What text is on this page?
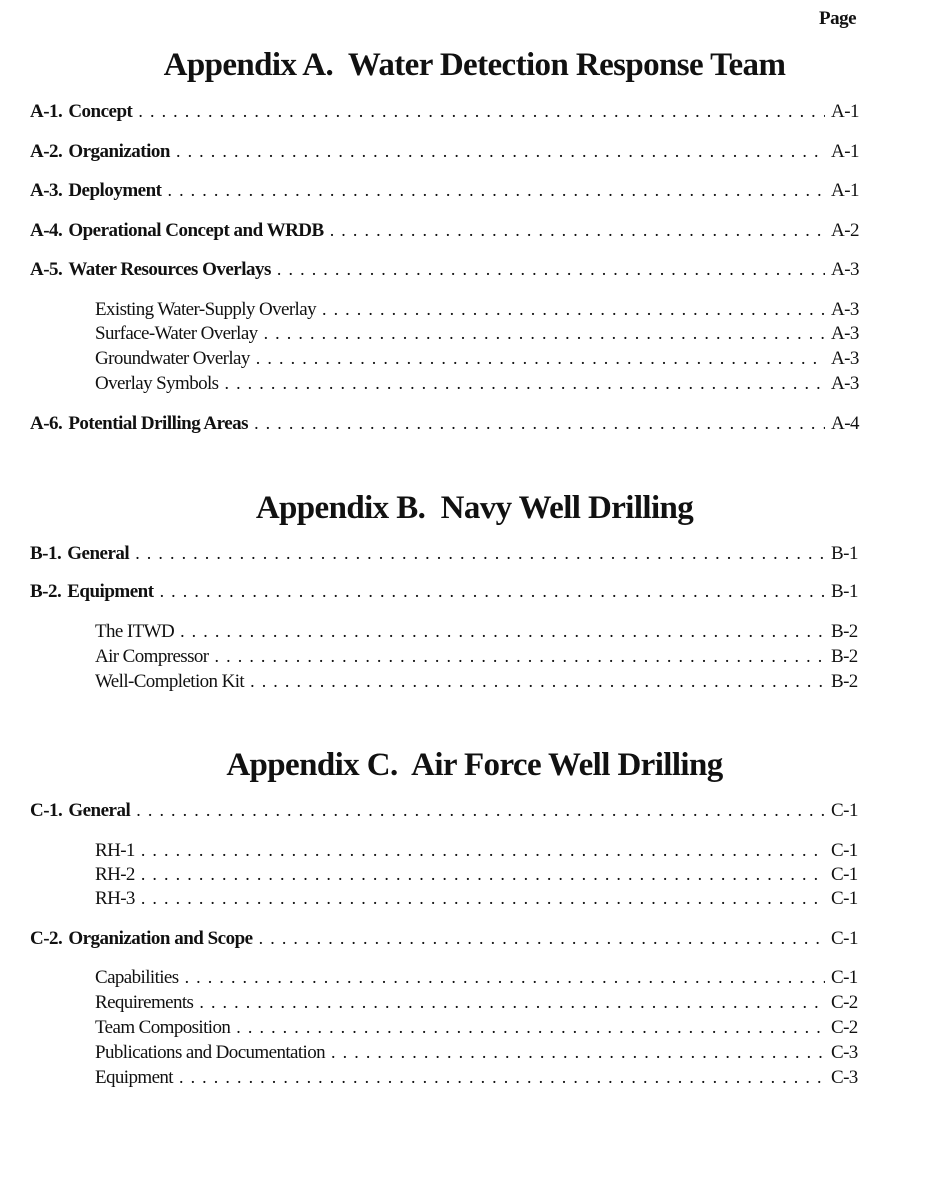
Page
Appendix A.  Water Detection Response Team
A-1. Concept . . .	A-1
A-2. Organization . . .	A-1
A-3. Deployment . . .	A-1
A-4. Operational Concept and WRDB . . .	A-2
A-5. Water Resources Overlays . . .	A-3
Existing Water-Supply Overlay . . .	A-3
Surface-Water Overlay . . .	A-3
Groundwater Overlay . . .	A-3
Overlay Symbols . . .	A-3
A-6. Potential Drilling Areas . . .	A-4
Appendix B.  Navy Well Drilling
B-1. General . . .	B-1
B-2. Equipment . . .	B-1
The ITWD . . .	B-2
Air Compressor . . .	B-2
Well-Completion Kit . . .	B-2
Appendix C.  Air Force Well Drilling
C-1. General . . .	C-1
RH-1 . . .	C-1
RH-2 . . .	C-1
RH-3 . . .	C-1
C-2. Organization and Scope . . .	C-1
Capabilities . . .	C-1
Requirements . . .	C-2
Team Composition . . .	C-2
Publications and Documentation . . .	C-3
Equipment . . .	C-3
